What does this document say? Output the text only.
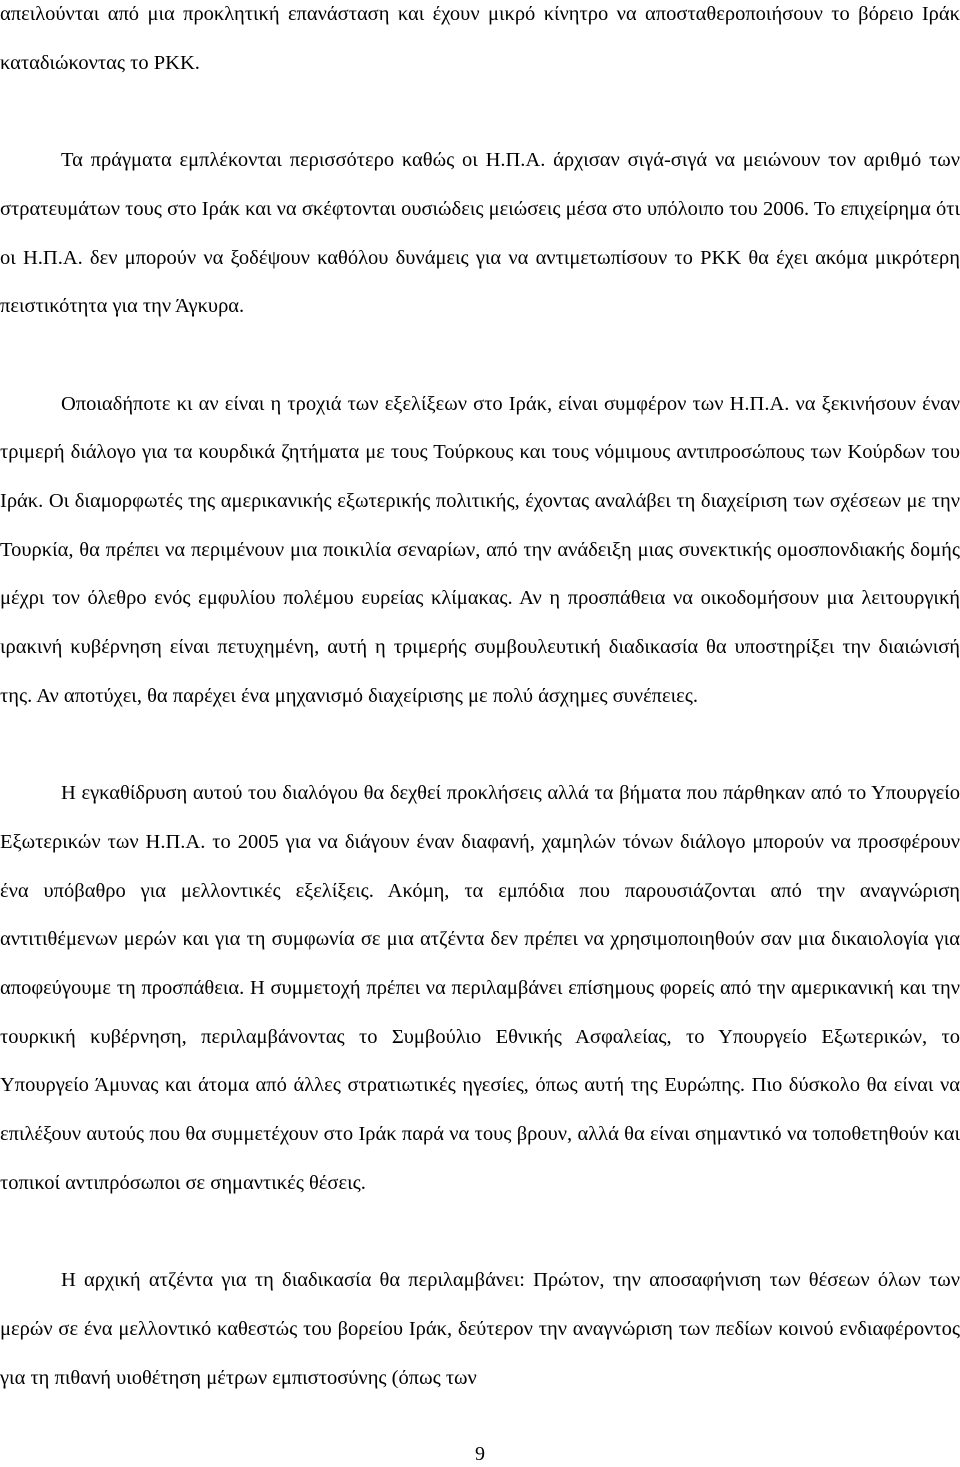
απειλούνται από μια προκλητική επανάσταση και έχουν μικρό κίνητρο να αποσταθεροποιήσουν το βόρειο Ιράκ καταδιώκοντας το ΡΚΚ.

Τα πράγματα εμπλέκονται περισσότερο καθώς οι Η.Π.Α. άρχισαν σιγά-σιγά να μειώνουν τον αριθμό των στρατευμάτων τους στο Ιράκ και να σκέφτονται ουσιώδεις μειώσεις μέσα στο υπόλοιπο του 2006. Το επιχείρημα ότι οι Η.Π.Α. δεν μπορούν να ξοδέψουν καθόλου δυνάμεις για να αντιμετωπίσουν το ΡΚΚ θα έχει ακόμα μικρότερη πειστικότητα για την Άγκυρα.

Οποιαδήποτε κι αν είναι η τροχιά των εξελίξεων στο Ιράκ, είναι συμφέρον των Η.Π.Α. να ξεκινήσουν έναν τριμερή διάλογο για τα κουρδικά ζητήματα με τους Τούρκους και τους νόμιμους αντιπροσώπους των Κούρδων του Ιράκ. Οι διαμορφωτές της αμερικανικής εξωτερικής πολιτικής, έχοντας αναλάβει τη διαχείριση των σχέσεων με την Τουρκία, θα πρέπει να περιμένουν μια ποικιλία σεναρίων, από την ανάδειξη μιας συνεκτικής ομοσπονδιακής δομής μέχρι τον όλεθρο ενός εμφυλίου πολέμου ευρείας κλίμακας. Αν η προσπάθεια να οικοδομήσουν μια λειτουργική ιρακινή κυβέρνηση είναι πετυχημένη, αυτή η τριμερής συμβουλευτική διαδικασία θα υποστηρίξει την διαιώνισή της. Αν αποτύχει, θα παρέχει ένα μηχανισμό διαχείρισης με πολύ άσχημες συνέπειες.

Η εγκαθίδρυση αυτού του διαλόγου θα δεχθεί προκλήσεις αλλά τα βήματα που πάρθηκαν από το Υπουργείο Εξωτερικών των Η.Π.Α. το 2005 για να διάγουν έναν διαφανή, χαμηλών τόνων διάλογο μπορούν να προσφέρουν ένα υπόβαθρο για μελλοντικές εξελίξεις. Ακόμη, τα εμπόδια που παρουσιάζονται από την αναγνώριση αντιτιθέμενων μερών και για τη συμφωνία σε μια ατζέντα δεν πρέπει να χρησιμοποιηθούν σαν μια δικαιολογία για αποφεύγουμε τη προσπάθεια. Η συμμετοχή πρέπει να περιλαμβάνει επίσημους φορείς από την αμερικανική και την τουρκική κυβέρνηση, περιλαμβάνοντας το Συμβούλιο Εθνικής Ασφαλείας, το Υπουργείο Εξωτερικών, το Υπουργείο Άμυνας και άτομα από άλλες στρατιωτικές ηγεσίες, όπως αυτή της Ευρώπης. Πιο δύσκολο θα είναι να επιλέξουν αυτούς που θα συμμετέχουν στο Ιράκ παρά να τους βρουν, αλλά θα είναι σημαντικό να τοποθετηθούν και τοπικοί αντιπρόσωποι σε σημαντικές θέσεις.

Η αρχική ατζέντα για τη διαδικασία θα περιλαμβάνει: Πρώτον, την αποσαφήνιση των θέσεων όλων των μερών σε ένα μελλοντικό καθεστώς του βορείου Ιράκ, δεύτερον την αναγνώριση των πεδίων κοινού ενδιαφέροντος για τη πιθανή υιοθέτηση μέτρων εμπιστοσύνης (όπως των

9
